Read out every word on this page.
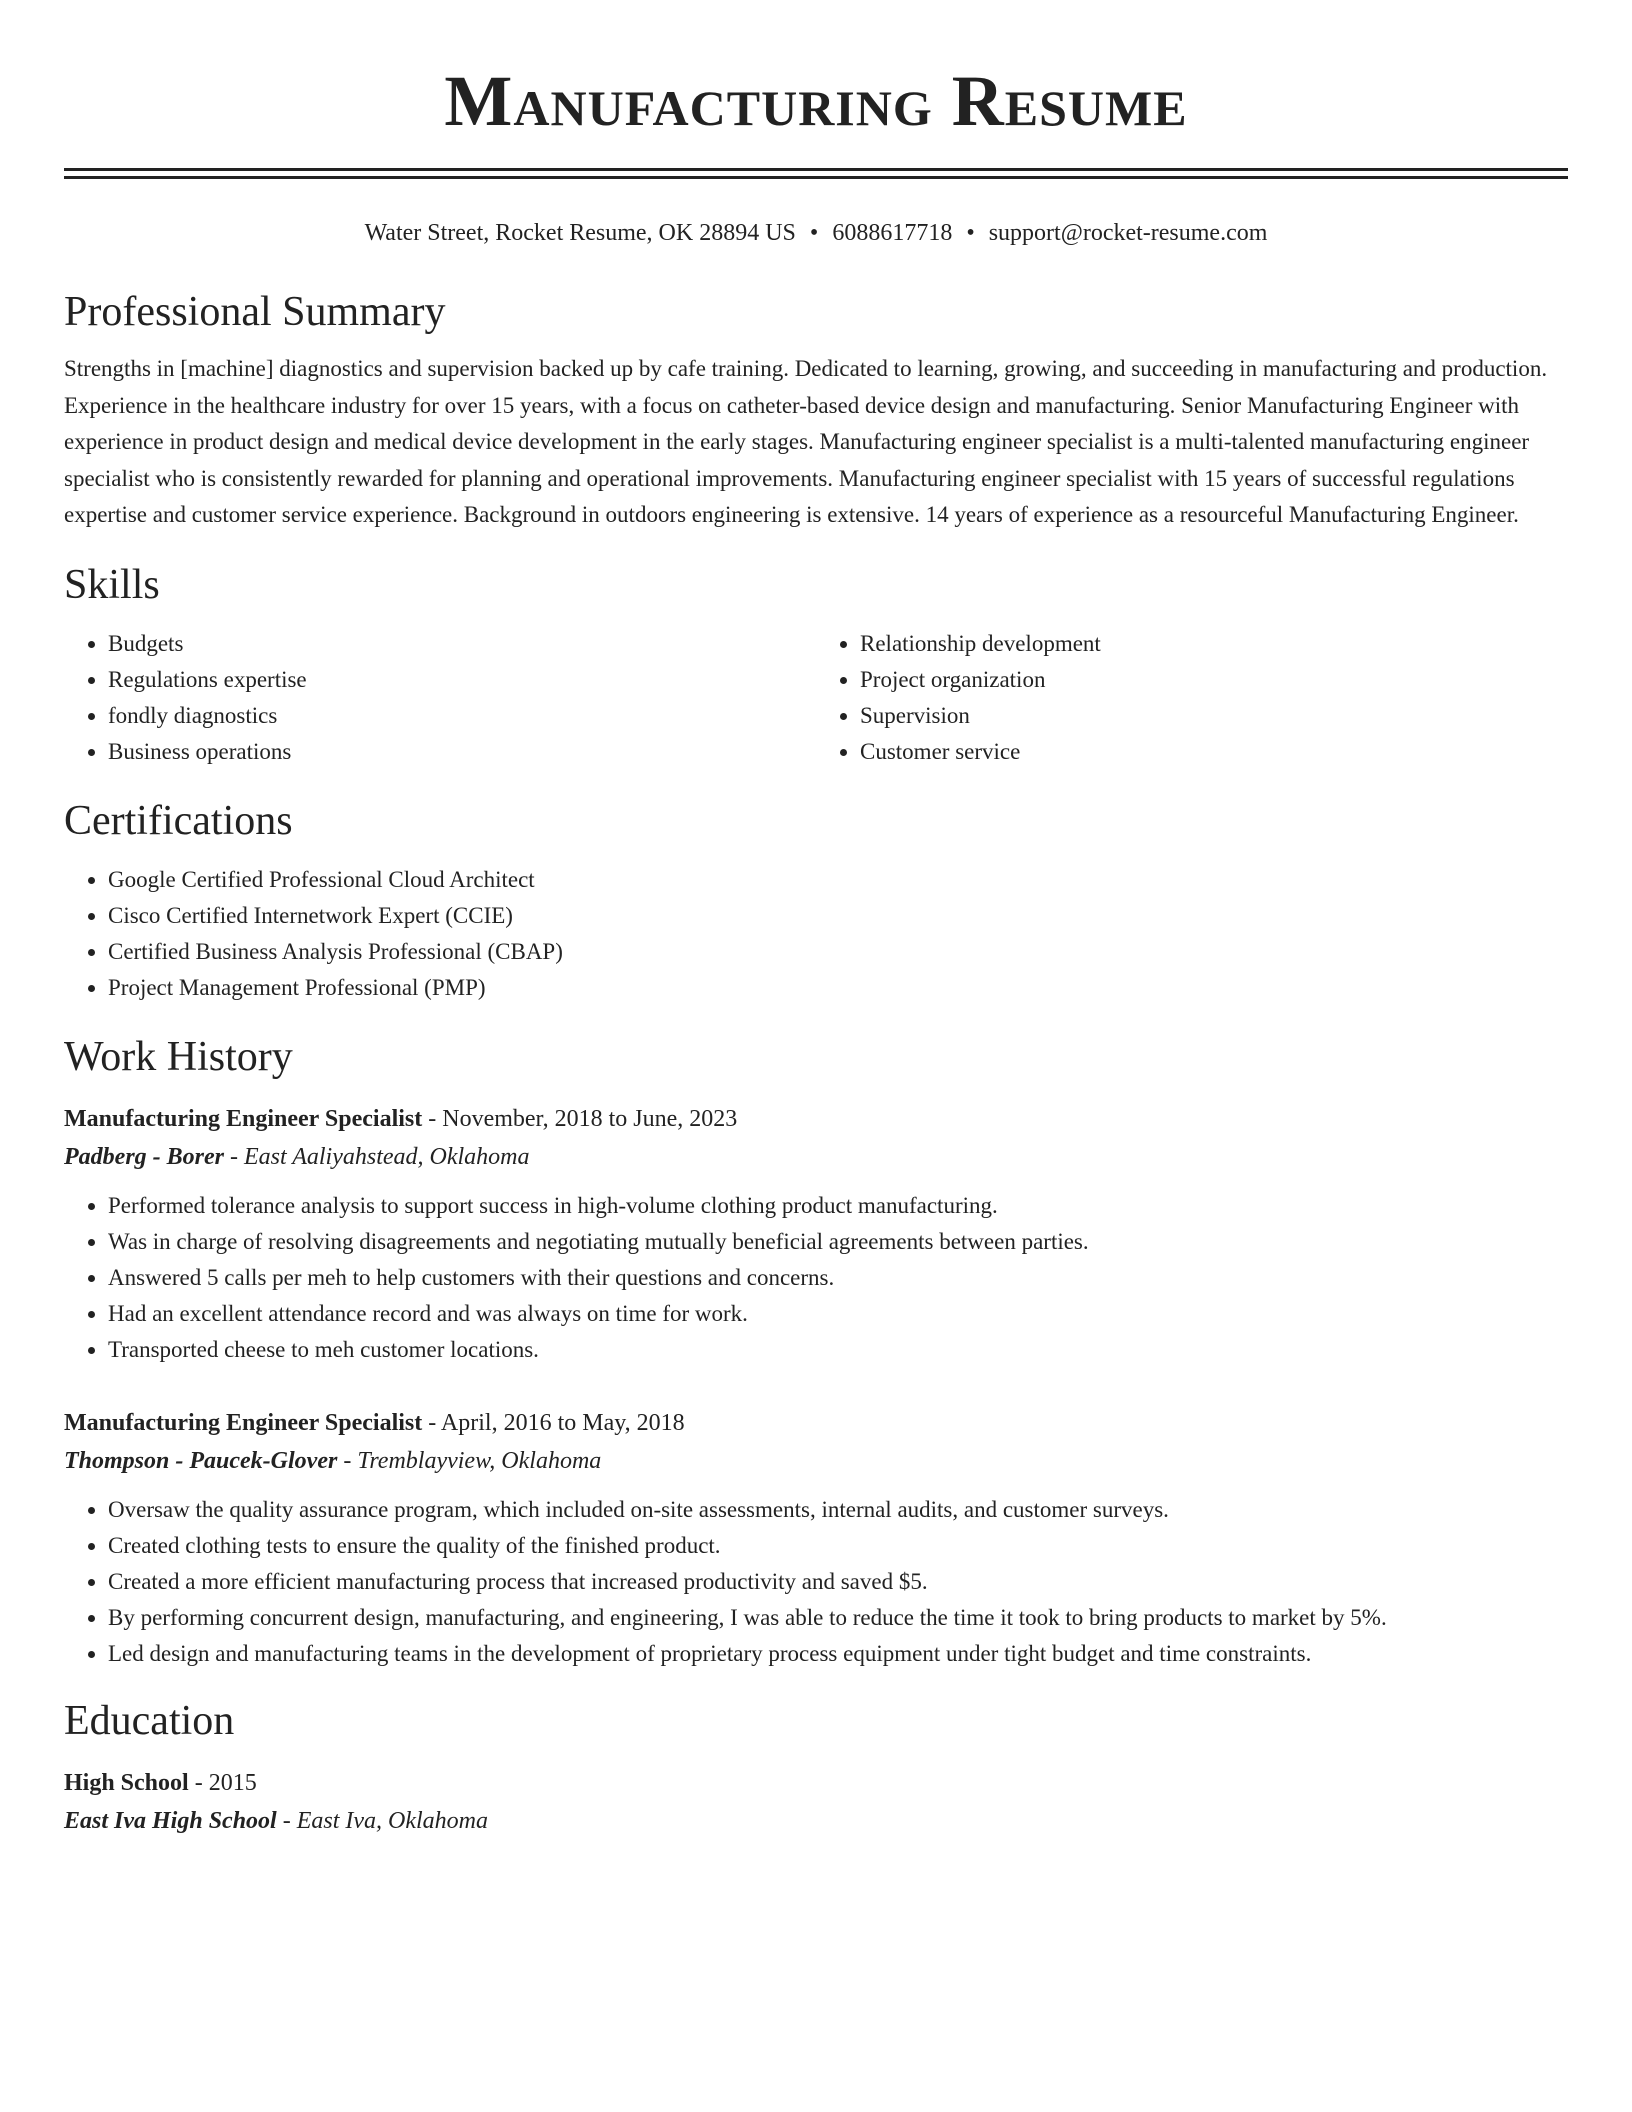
Manufacturing Resume
Water Street, Rocket Resume, OK 28894 US • 6088617718 • support@rocket-resume.com
Professional Summary

Strengths in [machine] diagnostics and supervision backed up by cafe training. Dedicated to learning, growing, and succeeding in manufacturing and production. Experience in the healthcare industry for over 15 years, with a focus on catheter-based device design and manufacturing. Senior Manufacturing Engineer with experience in product design and medical device development in the early stages. Manufacturing engineer specialist is a multi-talented manufacturing engineer specialist who is consistently rewarded for planning and operational improvements. Manufacturing engineer specialist with 15 years of successful regulations expertise and customer service experience. Background in outdoors engineering is extensive. 14 years of experience as a resourceful Manufacturing Engineer.

Skills
• Budgets
• Regulations expertise
• fondly diagnostics
• Business operations
• Relationship development
• Project organization
• Supervision
• Customer service
Certifications
• Google Certified Professional Cloud Architect
• Cisco Certified Internetwork Expert (CCIE)
• Certified Business Analysis Professional (CBAP)
• Project Management Professional (PMP)
Work History
Manufacturing Engineer Specialist - November, 2018 to June, 2023
Padberg - Borer - East Aaliyahstead, Oklahoma
• Performed tolerance analysis to support success in high-volume clothing product manufacturing.
• Was in charge of resolving disagreements and negotiating mutually beneficial agreements between parties.
• Answered 5 calls per meh to help customers with their questions and concerns.
• Had an excellent attendance record and was always on time for work.
• Transported cheese to meh customer locations.
Manufacturing Engineer Specialist - April, 2016 to May, 2018
Thompson - Paucek-Glover - Tremblayview, Oklahoma
• Oversaw the quality assurance program, which included on-site assessments, internal audits, and customer surveys.
• Created clothing tests to ensure the quality of the finished product.
• Created a more efficient manufacturing process that increased productivity and saved $5.
• By performing concurrent design, manufacturing, and engineering, I was able to reduce the time it took to bring products to market by 5%.
• Led design and manufacturing teams in the development of proprietary process equipment under tight budget and time constraints.
Education
High School - 2015
East Iva High School - East Iva, Oklahoma
